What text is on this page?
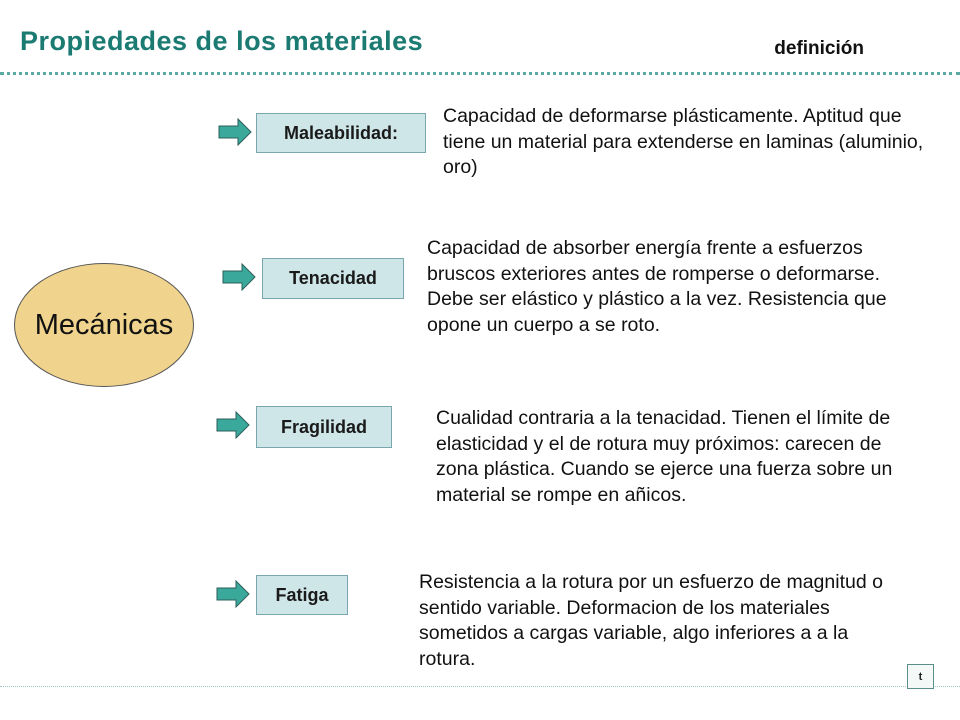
Propiedades de los materiales	definición
Mecánicas
Maleabilidad:

Capacidad de deformarse plásticamente. Aptitud que tiene un material para extenderse en laminas (aluminio, oro)

Tenacidad

Capacidad de absorber energía frente a esfuerzos bruscos exteriores antes de romperse o deformarse. Debe ser elástico y plástico a la vez. Resistencia que opone un cuerpo a se roto.

Fragilidad	Cualidad contraria a la tenacidad. Tienen el límite de elasticidad y el de rotura muy próximos: carecen de zona plástica. Cuando se ejerce una fuerza sobre un material se rompe en añicos.

Fatiga

Resistencia a la rotura por un esfuerzo de magnitud o sentido variable. Deformacion de los materiales sometidos a cargas variable, algo inferiores a a la rotura.

t
